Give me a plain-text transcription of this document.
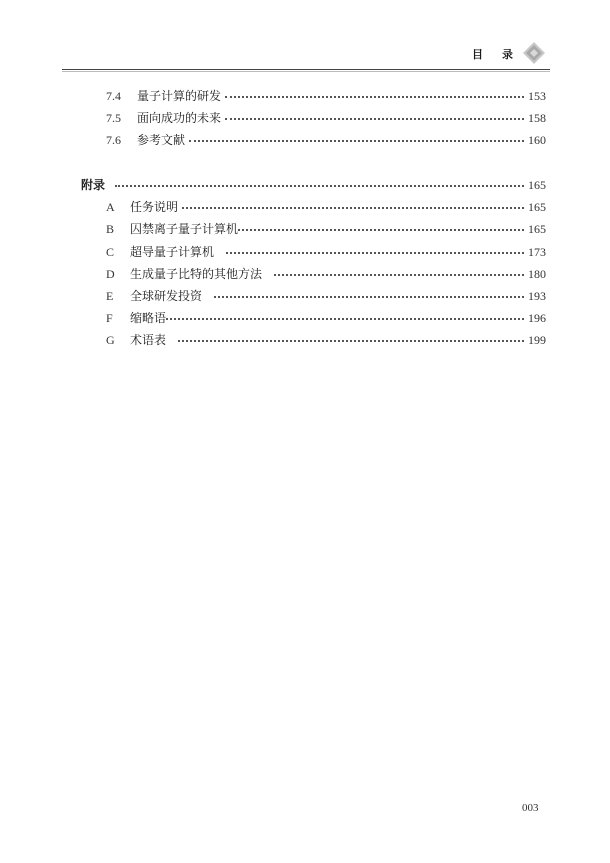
目 录
7.4	量子计算的研发	153
7.5	面向成功的未来	158
7.6	参考文献	160
附录	165
A	任务说明	165
B	囚禁离子量子计算机	165
C	超导量子计算机	173
D	生成量子比特的其他方法	180
E	全球研发投资	193
F	缩略语	196
G	术语表	199
003
